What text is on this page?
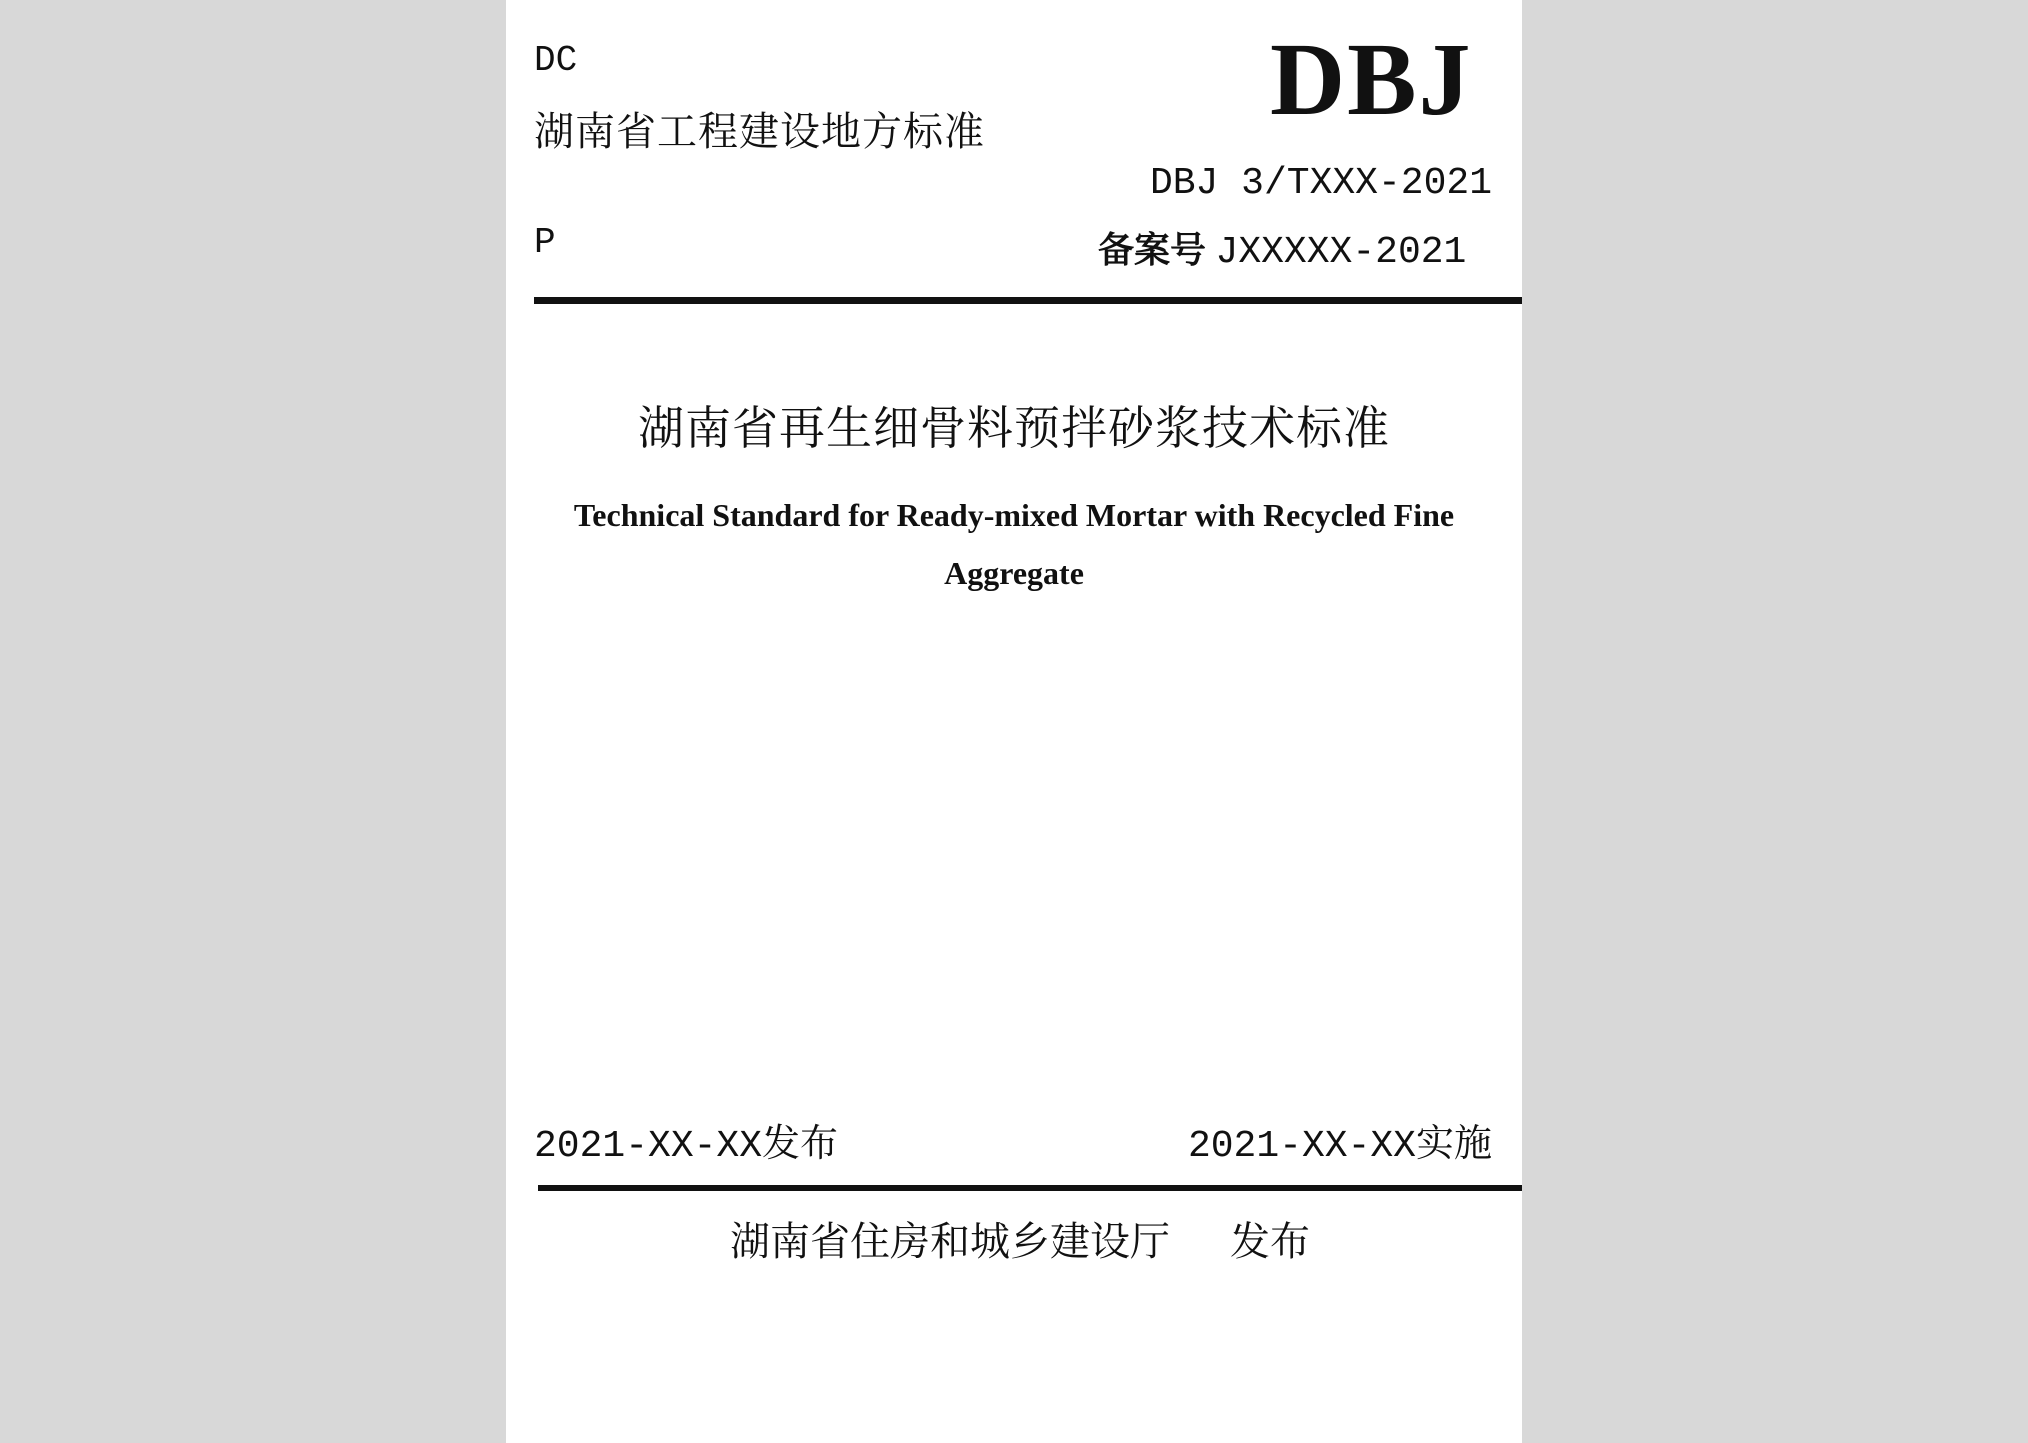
DC
湖南省工程建设地方标准	DBJ
DBJ 3/TXXX-2021
P	备案号 JXXXXX-2021
湖南省再生细骨料预拌砂浆技术标准
Technical Standard for Ready-mixed Mortar with Recycled Fine Aggregate
2021-XX-XX发布	2021-XX-XX实施
湖南省住房和城乡建设厅 发布
